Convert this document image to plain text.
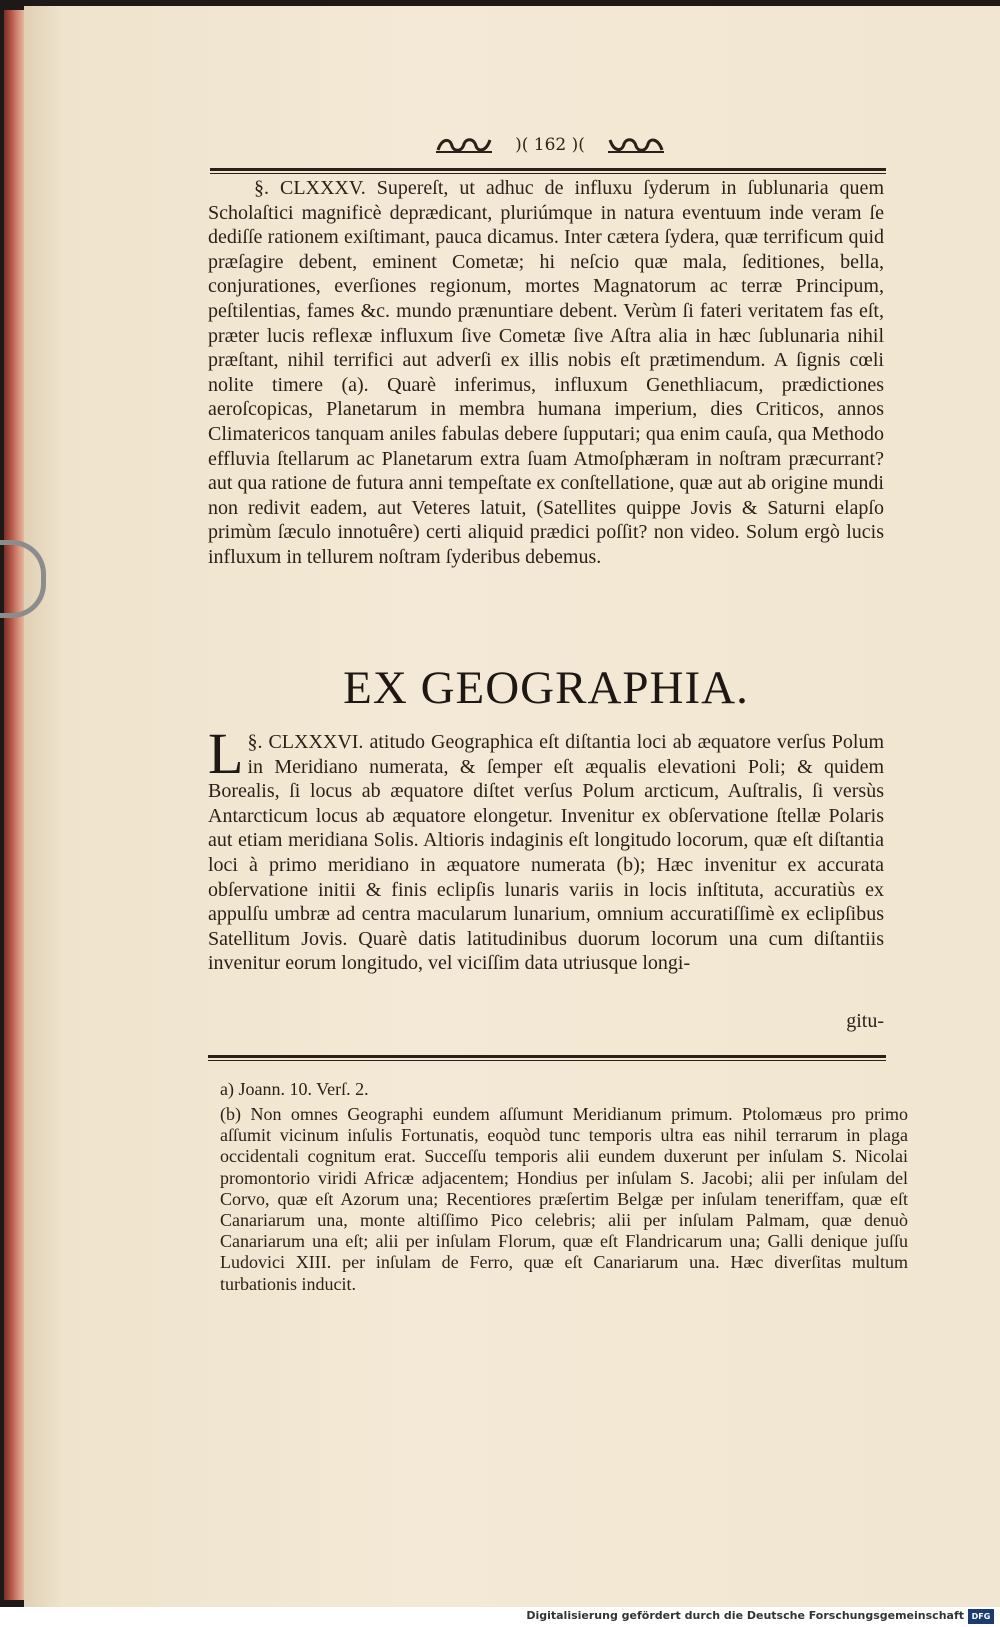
)( 162 )(
§. CLXXXV. Supereſt, ut adhuc de influxu ſyderum in ſublunaria quem Scholaſtici magnificè deprædicant, pluriúmque in natura eventuum inde veram ſe dediſſe rationem exiſtimant, pauca dicamus. Inter cætera ſydera, quæ terrificum quid præſagire debent, eminent Cometæ; hi neſcio quæ mala, ſeditiones, bella, conjurationes, everſiones regionum, mortes Magnatorum ac terræ Principum, peſtilentias, fames &c. mundo prænuntiare debent. Verùm ſi fateri veritatem fas eſt, præter lucis reflexæ influxum ſive Cometæ ſive Aſtra alia in hæc ſublunaria nihil præſtant, nihil terrifici aut adverſi ex illis nobis eſt prætimendum. A ſignis cœli nolite timere (a). Quarè inferimus, influxum Genethliacum, prædictiones aeroſcopicas, Planetarum in membra humana imperium, dies Criticos, annos Climatericos tanquam aniles fabulas debere ſupputari; qua enim cauſa, qua Methodo effluvia ſtellarum ac Planetarum extra ſuam Atmoſphæram in noſtram præcurrant? aut qua ratione de futura anni tempeſtate ex conſtellatione, quæ aut ab origine mundi non redivit eadem, aut Veteres latuit, (Satellites quippe Jovis & Saturni elapſo primùm ſæculo innotuêre) certi aliquid prædici poſſit? non video. Solum ergò lucis influxum in tellurem noſtram ſyderibus debemus.
EX GEOGRAPHIA.
§. CLXXXVI.
L	atitudo Geographica eſt diſtantia loci ab æquatore verſus Polum in Meridiano numerata, & ſemper eſt æqualis elevationi Poli; & quidem Borealis, ſi locus ab æquatore diſtet verſus Polum arcticum, Auſtralis, ſi versùs Antarcticum locus ab æquatore elongetur. Invenitur ex obſervatione ſtellæ Polaris aut etiam meridiana Solis. Altioris indaginis eſt longitudo locorum, quæ eſt diſtantia loci à primo meridiano in æquatore numerata (b); Hæc invenitur ex accurata obſervatione initii & finis eclipſis lunaris variis in locis inſtituta, accuratiùs ex appulſu umbræ ad centra macularum lunarium, omnium accuratiſſimè ex eclipſibus Satellitum Jovis. Quarè datis latitudinibus duorum locorum una cum diſtantiis invenitur eorum longitudo, vel viciſſim data utriusque longi-
gitu-
a) Joann. 10. Verſ. 2.
(b) Non omnes Geographi eundem aſſumunt Meridianum primum. Ptolomæus pro primo aſſumit vicinum inſulis Fortunatis, eoquòd tunc temporis ultra eas nihil terrarum in plaga occidentali cognitum erat. Succeſſu temporis alii eundem duxerunt per inſulam S. Nicolai promontorio viridi Africæ adjacentem; Hondius per inſulam S. Jacobi; alii per inſulam del Corvo, quæ eſt Azorum una; Recentiores præſertim Belgæ per inſulam teneriffam, quæ eſt Canariarum una, monte altiſſimo Pico celebris; alii per inſulam Palmam, quæ denuò Canariarum una eſt; alii per inſulam Florum, quæ eſt Flandricarum una; Galli denique juſſu Ludovici XIII. per inſulam de Ferro, quæ eſt Canariarum una. Hæc diverſitas multum turbationis inducit.
Digitalisierung gefördert durch die Deutsche Forschungsgemeinschaft DFG
